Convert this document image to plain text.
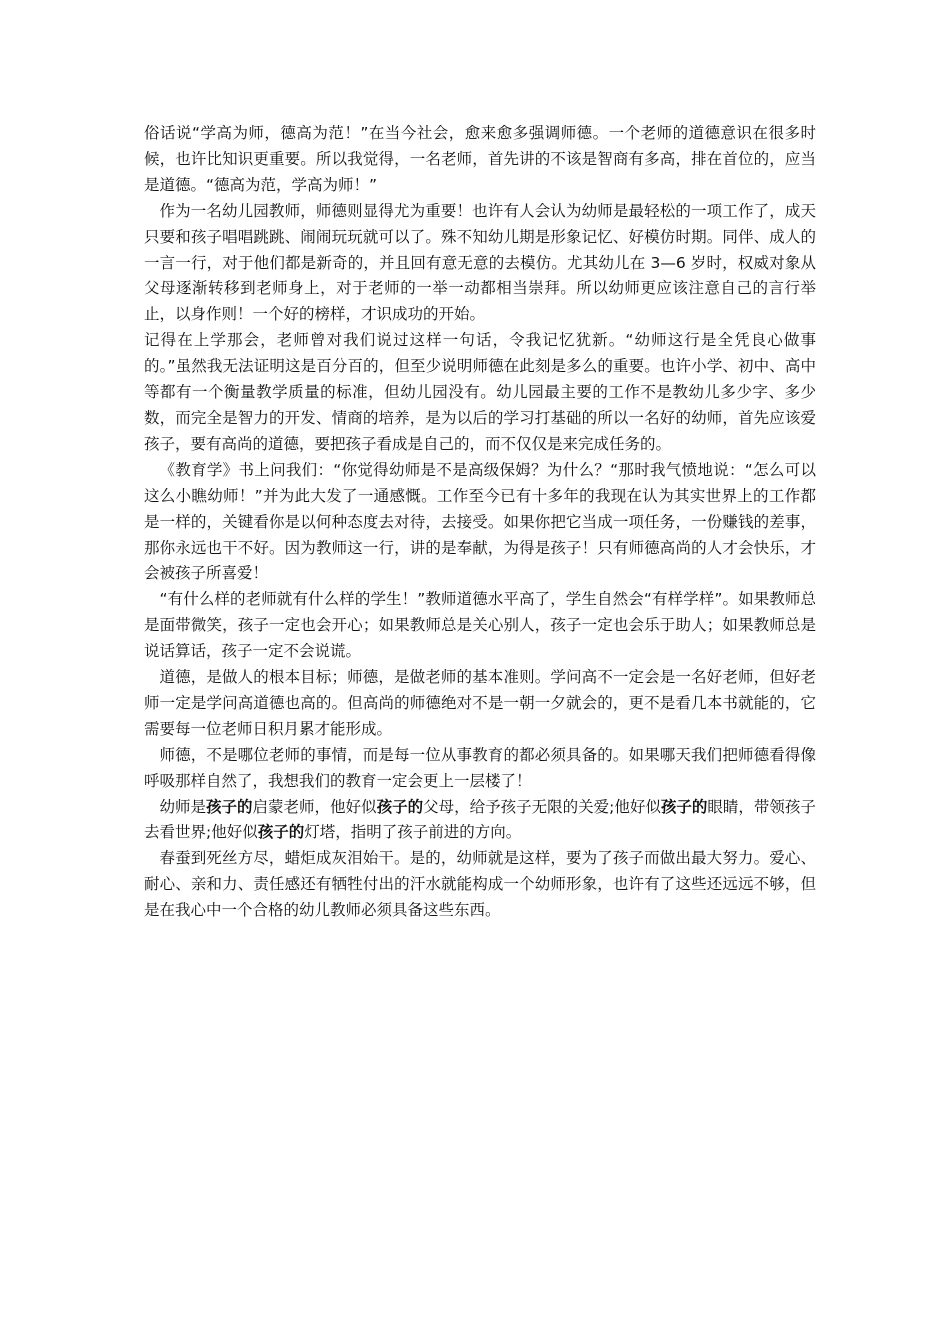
俗话说“学高为师，德高为范！”在当今社会，愈来愈多强调师德。一个老师的道德意识在很多时候，也许比知识更重要。所以我觉得，一名老师，首先讲的不该是智商有多高，排在首位的，应当是道德。“德高为范，学高为师！”

作为一名幼儿园教师，师德则显得尤为重要！也许有人会认为幼师是最轻松的一项工作了，成天只要和孩子唱唱跳跳、闹闹玩玩就可以了。殊不知幼儿期是形象记忆、好模仿时期。同伴、成人的一言一行，对于他们都是新奇的，并且回有意无意的去模仿。尤其幼儿在 3—6 岁时，权威对象从父母逐渐转移到老师身上，对于老师的一举一动都相当崇拜。所以幼师更应该注意自己的言行举止，以身作则！一个好的榜样，才识成功的开始。

记得在上学那会，老师曾对我们说过这样一句话，令我记忆犹新。“幼师这行是全凭良心做事的。”虽然我无法证明这是百分百的，但至少说明师德在此刻是多么的重要。也许小学、初中、高中等都有一个衡量教学质量的标准，但幼儿园没有。幼儿园最主要的工作不是教幼儿多少字、多少数，而完全是智力的开发、情商的培养，是为以后的学习打基础的所以一名好的幼师，首先应该爱孩子，要有高尚的道德，要把孩子看成是自己的，而不仅仅是来完成任务的。

《教育学》书上问我们：“你觉得幼师是不是高级保姆？为什么？“那时我气愤地说：“怎么可以这么小瞧幼师！”并为此大发了一通感慨。工作至今已有十多年的我现在认为其实世界上的工作都是一样的，关键看你是以何种态度去对待，去接受。如果你把它当成一项任务，一份赚钱的差事，那你永远也干不好。因为教师这一行，讲的是奉献，为得是孩子！只有师德高尚的人才会快乐，才会被孩子所喜爱！

“有什么样的老师就有什么样的学生！”教师道德水平高了，学生自然会“有样学样”。如果教师总是面带微笑，孩子一定也会开心；如果教师总是关心别人，孩子一定也会乐于助人；如果教师总是说话算话，孩子一定不会说谎。

道德，是做人的根本目标；师德，是做老师的基本准则。学问高不一定会是一名好老师，但好老师一定是学问高道德也高的。但高尚的师德绝对不是一朝一夕就会的，更不是看几本书就能的，它需要每一位老师日积月累才能形成。

师德，不是哪位老师的事情，而是每一位从事教育的都必须具备的。如果哪天我们把师德看得像呼吸那样自然了，我想我们的教育一定会更上一层楼了！

幼师是孩子的启蒙老师，他好似孩子的父母，给予孩子无限的关爱;他好似孩子的眼睛，带领孩子去看世界;他好似孩子的灯塔，指明了孩子前进的方向。

春蚕到死丝方尽，蜡炬成灰泪始干。是的，幼师就是这样，要为了孩子而做出最大努力。爱心、耐心、亲和力、责任感还有牺牲付出的汗水就能构成一个幼师形象，也许有了这些还远远不够，但是在我心中一个合格的幼儿教师必须具备这些东西。
